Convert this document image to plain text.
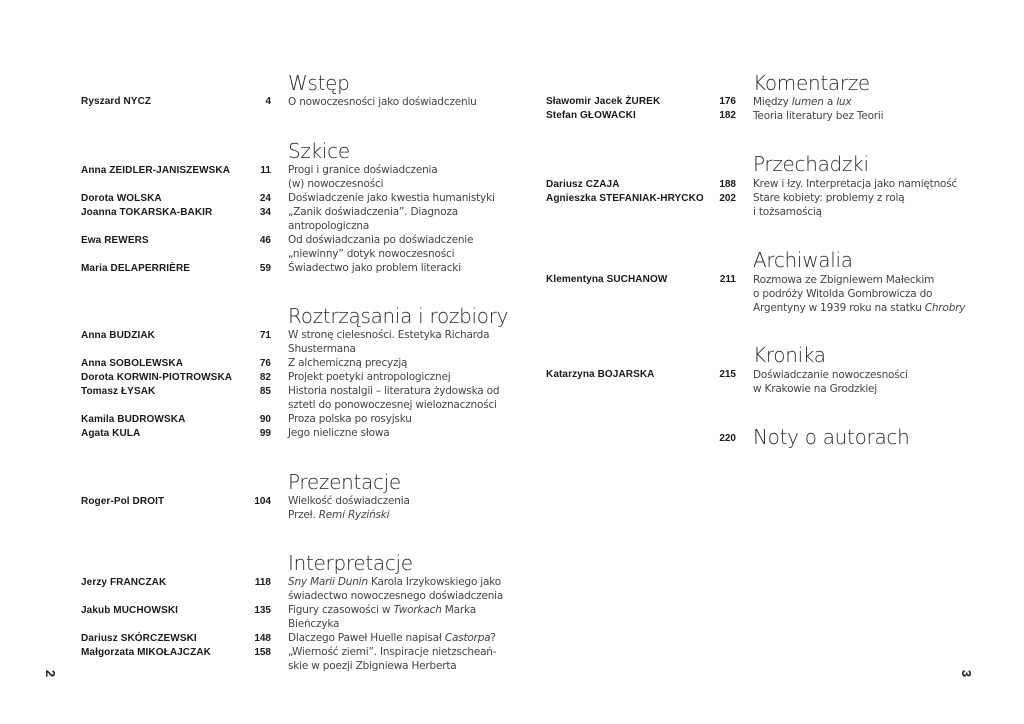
Wstęp
Ryszard NYCZ	4 O nowoczesności jako doświadczeniu
Szkice
Anna ZEIDLER-JANISZEWSKA	11 Progi i granice doświadczenia
(w) nowoczesności
Dorota WOLSKA	24 Doświadczenie jako kwestia humanistyki
Joanna TOKARSKA-BAKIR	34 „Zanik doświadczenia”. Diagnoza
antropologiczna
Ewa REWERS	46 Od doświadczania po doświadczenie
„niewinny” dotyk nowoczesności
Maria DELAPERRIÈRE	59 Świadectwo jako problem literacki
Roztrząsania i rozbiory
Anna BUDZIAK	71 W stronę cielesności. Estetyka Richarda
Shustermana
Anna SOBOLEWSKA	76 Z alchemiczną precyzją
Dorota KORWIN-PIOTROWSKA	82 Projekt poetyki antropologicznej
Tomasz ŁYSAK	85 Historia nostalgii – literatura żydowska od
sztetl do ponowoczesnej wieloznaczności
Kamila BUDROWSKA	90 Proza polska po rosyjsku
Agata KULA	99 Jego nieliczne słowa
Prezentacje
Roger-Pol DROIT	104 Wielkość doświadczenia
Przeł. Remi Ryziński
Interpretacje
Jerzy FRANCZAK	118 Sny Marii Dunin Karola Irzykowskiego jako
świadectwo nowoczesnego doświadczenia
Jakub MUCHOWSKI	135 Figury czasowości w Tworkach Marka
Bieńczyka
Dariusz SKÓRCZEWSKI	148 Dlaczego Paweł Huelle napisał Castorpa?
Małgorzata MIKOŁAJCZAK	158 „Wierność ziemi”. Inspiracje nietzscheań-
skie w poezji Zbigniewa Herberta
2
Komentarze
Sławomir Jacek ŻUREK	176 Między lumen a lux
Stefan GŁOWACKI	182 Teoria literatury bez Teorii
Przechadzki
Dariusz CZAJA	188 Krew i łzy. Interpretacja jako namiętność
Agnieszka STEFANIAK-HRYCKO	202 Stare kobiety: problemy z rolą
i tożsamością
Archiwalia
Klementyna SUCHANOW	211 Rozmowa ze Zbigniewem Małeckim
o podróży Witolda Gombrowicza do
Argentyny w 1939 roku na statku Chrobry
Kronika
Katarzyna BOJARSKA	215 Doświadczanie nowoczesności
w Krakowie na Grodzkiej
220 Noty o autorach
3
